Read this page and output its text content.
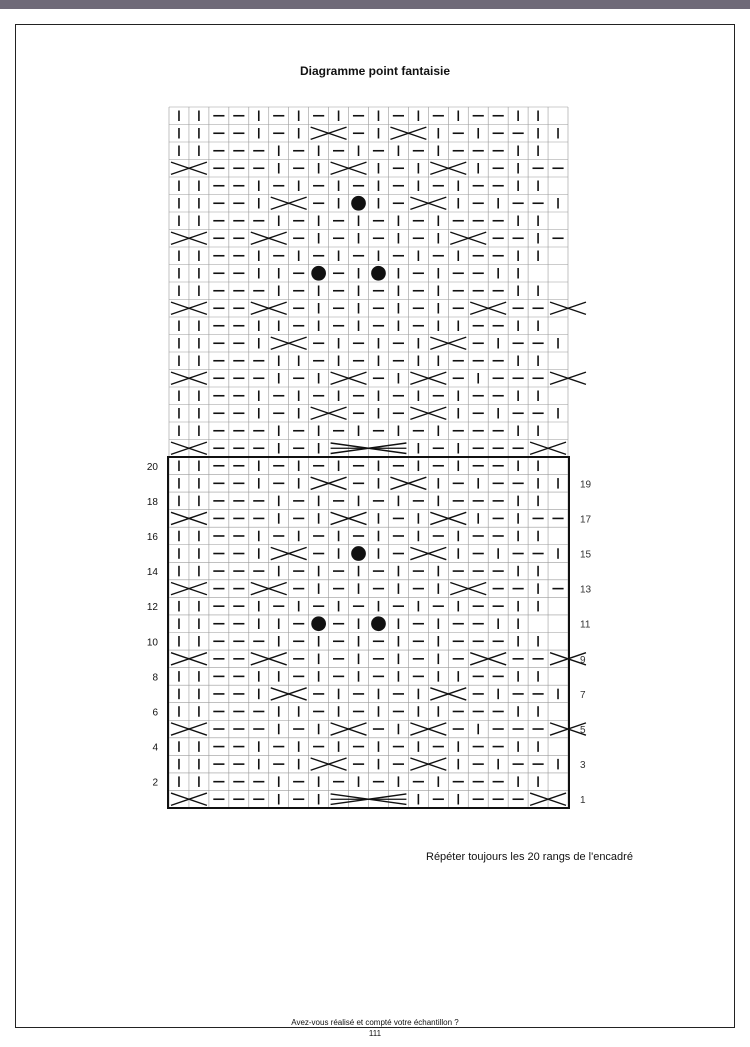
Diagramme point fantaisie
20
18
16
14
12
10
8
6
4
2
19
17
15
13
11
9
7
5
3
1
Répéter toujours les 20 rangs de l'encadré
Avez-vous réalisé et compté votre échantillon ?
111
